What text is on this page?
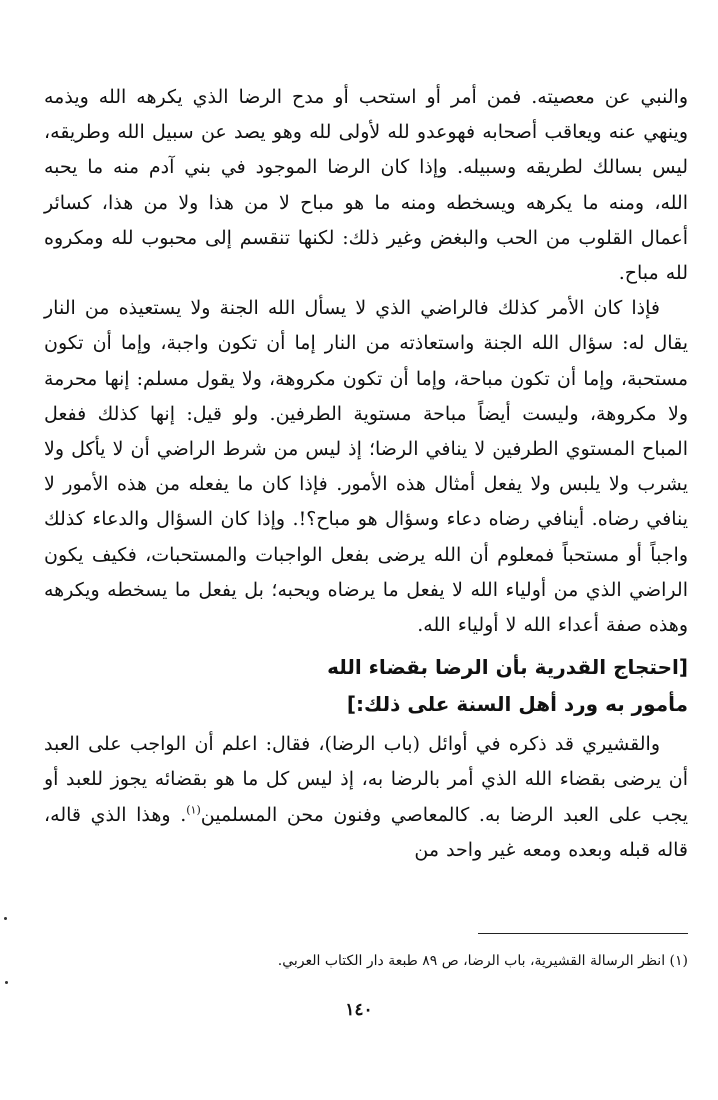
والنبي عن معصيته. فمن أمر أو استحب أو مدح الرضا الذي يكرهه الله ويذمه وينهي عنه ويعاقب أصحابه فهوعدو لله لأولى لله وهو يصد عن سبيل الله وطريقه، ليس بسالك لطريقه وسبيله. وإذا كان الرضا الموجود في بني آدم منه ما يحبه الله، ومنه ما يكرهه ويسخطه ومنه ما هو مباح لا من هذا ولا من هذا، كسائر أعمال القلوب من الحب والبغض وغير ذلك: لكنها تنقسم إلى محبوب لله ومكروه لله مباح.

فإذا كان الأمر كذلك فالراضي الذي لا يسأل الله الجنة ولا يستعيذه من النار يقال له: سؤال الله الجنة واستعاذته من النار إما أن تكون واجبة، وإما أن تكون مستحبة، وإما أن تكون مباحة، وإما أن تكون مكروهة، ولا يقول مسلم: إنها محرمة ولا مكروهة، وليست أيضاً مباحة مستوية الطرفين. ولو قيل: إنها كذلك ففعل المباح المستوي الطرفين لا ينافي الرضا؛ إذ ليس من شرط الراضي أن لا يأكل ولا يشرب ولا يلبس ولا يفعل أمثال هذه الأمور. فإذا كان ما يفعله من هذه الأمور لا ينافي رضاه. أينافي رضاه دعاء وسؤال هو مباح؟!. وإذا كان السؤال والدعاء كذلك واجباً أو مستحباً فمعلوم أن الله يرضى بفعل الواجبات والمستحبات، فكيف يكون الراضي الذي من أولياء الله لا يفعل ما يرضاه ويحبه؛ بل يفعل ما يسخطه ويكرهه وهذه صفة أعداء الله لا أولياء الله.

[احتجاج القدرية بأن الرضا بقضاء الله

مأمور به ورد أهل السنة على ذلك:]

والقشيري قد ذكره في أوائل (باب الرضا)، فقال: اعلم أن الواجب على العبد أن يرضى بقضاء الله الذي أمر بالرضا به، إذ ليس كل ما هو بقضائه يجوز للعبد أو يجب على العبد الرضا به. كالمعاصي وفنون محن المسلمين$^{(١)}$. وهذا الذي قاله، قاله قبله وبعده ومعه غير واحد من

(١) انظر الرسالة القشيرية، باب الرضا، ص ٨٩ طبعة دار الكتاب العربي.

١٤٠
